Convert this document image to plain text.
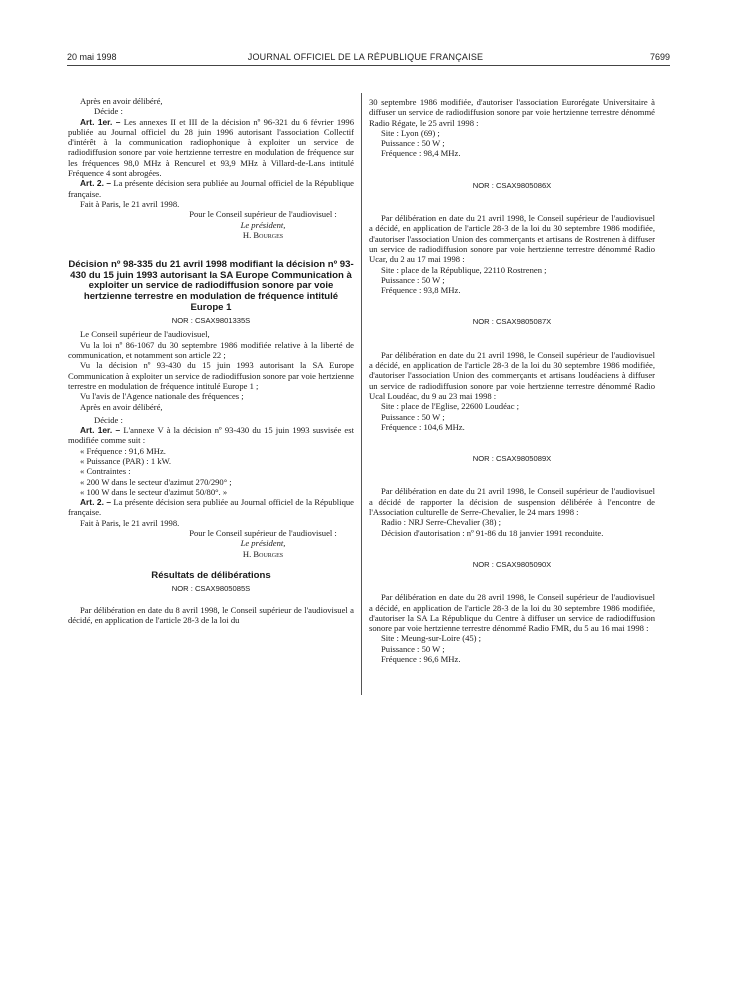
20 mai 1998	JOURNAL OFFICIEL DE LA RÉPUBLIQUE FRANÇAISE	7699

Après en avoir délibéré,

Décide :

Art. 1er. – Les annexes II et III de la décision nº 96-321 du 6 février 1996 publiée au Journal officiel du 28 juin 1996 autorisant l'association Collectif d'intérêt à la communication radiophonique à exploiter un service de radiodiffusion sonore par voie hertzienne terrestre en modulation de fréquence sur les fréquences 98,0 MHz à Rencurel et 93,9 MHz à Villard-de-Lans intitulé Fréquence 4 sont abrogées.

Art. 2. – La présente décision sera publiée au Journal officiel de la République française.

Fait à Paris, le 21 avril 1998.

Pour le Conseil supérieur de l'audiovisuel :

Le président,

H. Bourges

Décision nº 98-335 du 21 avril 1998 modifiant la décision nº 93-430 du 15 juin 1993 autorisant la SA Europe Communication à exploiter un service de radiodiffusion sonore par voie hertzienne terrestre en modulation de fréquence intitulé Europe 1

NOR : CSAX9801335S

Le Conseil supérieur de l'audiovisuel,

Vu la loi nº 86-1067 du 30 septembre 1986 modifiée relative à la liberté de communication, et notamment son article 22 ;

Vu la décision nº 93-430 du 15 juin 1993 autorisant la SA Europe Communication à exploiter un service de radiodiffusion sonore par voie hertzienne terrestre en modulation de fréquence intitulé Europe 1 ;

Vu l'avis de l'Agence nationale des fréquences ;

Après en avoir délibéré,

Décide :

Art. 1er. – L'annexe V à la décision nº 93-430 du 15 juin 1993 susvisée est modifiée comme suit :

« Fréquence : 91,6 MHz.

« Puissance (PAR) : 1 kW.

« Contraintes :

« 200 W dans le secteur d'azimut 270/290° ;

« 100 W dans le secteur d'azimut 50/80°. »

Art. 2. – La présente décision sera publiée au Journal officiel de la République française.

Fait à Paris, le 21 avril 1998.

Pour le Conseil supérieur de l'audiovisuel :

Le président,

H. Bourges

Résultats de délibérations

NOR : CSAX9805085S

Par délibération en date du 8 avril 1998, le Conseil supérieur de l'audiovisuel a décidé, en application de l'article 28-3 de la loi du

30 septembre 1986 modifiée, d'autoriser l'association Eurorégate Universitaire à diffuser un service de radiodiffusion sonore par voie hertzienne terrestre dénommé Radio Régate, le 25 avril 1998 :

Site : Lyon (69) ;

Puissance : 50 W ;

Fréquence : 98,4 MHz.

NOR : CSAX9805086X

Par délibération en date du 21 avril 1998, le Conseil supérieur de l'audiovisuel a décidé, en application de l'article 28-3 de la loi du 30 septembre 1986 modifiée, d'autoriser l'association Union des commerçants et artisans de Rostrenen à diffuser un service de radiodiffusion sonore par voie hertzienne terrestre dénommé Radio Ucar, du 2 au 17 mai 1998 :

Site : place de la République, 22110 Rostrenen ;

Puissance : 50 W ;

Fréquence : 93,8 MHz.

NOR : CSAX9805087X

Par délibération en date du 21 avril 1998, le Conseil supérieur de l'audiovisuel a décidé, en application de l'article 28-3 de la loi du 30 septembre 1986 modifiée, d'autoriser l'association Union des commerçants et artisans loudéaciens à diffuser un service de radiodiffusion sonore par voie hertzienne terrestre dénommé Radio Ucal Loudéac, du 9 au 23 mai 1998 :

Site : place de l'Eglise, 22600 Loudéac ;

Puissance : 50 W ;

Fréquence : 104,6 MHz.

NOR : CSAX9805089X

Par délibération en date du 21 avril 1998, le Conseil supérieur de l'audiovisuel a décidé de rapporter la décision de suspension délibérée à l'encontre de l'Association culturelle de Serre-Chevalier, le 24 mars 1998 :

Radio : NRJ Serre-Chevalier (38) ;

Décision d'autorisation : nº 91-86 du 18 janvier 1991 reconduite.

NOR : CSAX9805090X

Par délibération en date du 28 avril 1998, le Conseil supérieur de l'audiovisuel a décidé, en application de l'article 28-3 de la loi du 30 septembre 1986 modifiée, d'autoriser la SA La République du Centre à diffuser un service de radiodiffusion sonore par voie hertzienne terrestre dénommé Radio FMR, du 5 au 16 mai 1998 :

Site : Meung-sur-Loire (45) ;

Puissance : 50 W ;

Fréquence : 96,6 MHz.
